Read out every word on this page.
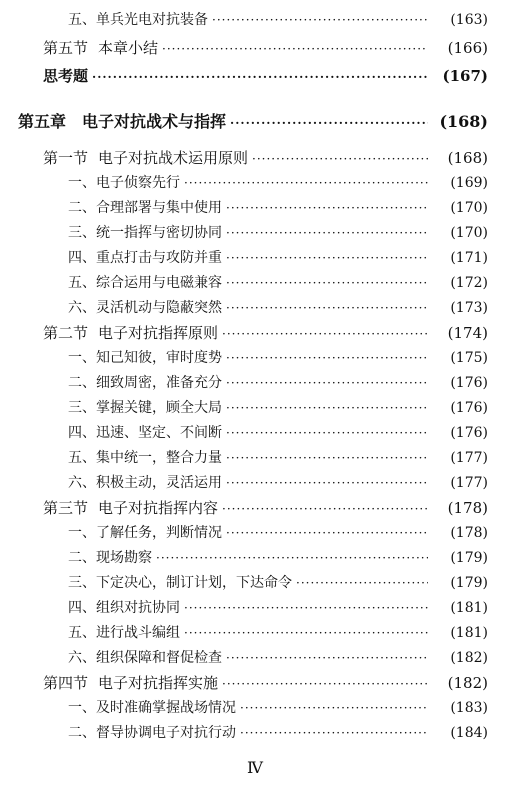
五、单兵光电对抗装备 ·····	(163)
第五节 本章小结 ·····	(166)
思考题 ·····	(167)
第五章 电子对抗战术与指挥 ·····	(168)
第一节 电子对抗战术运用原则 ·····	(168)
一、电子侦察先行 ·····	(169)
二、合理部署与集中使用 ·····	(170)
三、统一指挥与密切协同 ·····	(170)
四、重点打击与攻防并重 ·····	(171)
五、综合运用与电磁兼容 ·····	(172)
六、灵活机动与隐蔽突然 ·····	(173)
第二节 电子对抗指挥原则 ·····	(174)
一、知己知彼，审时度势 ·····	(175)
二、细致周密，准备充分 ·····	(176)
三、掌握关键，顾全大局 ·····	(176)
四、迅速、坚定、不间断 ·····	(176)
五、集中统一，整合力量 ·····	(177)
六、积极主动，灵活运用 ·····	(177)
第三节 电子对抗指挥内容 ·····	(178)
一、了解任务，判断情况 ·····	(178)
二、现场勘察 ·····	(179)
三、下定决心，制订计划，下达命令 ·····	(179)
四、组织对抗协同 ·····	(181)
五、进行战斗编组 ·····	(181)
六、组织保障和督促检查 ·····	(182)
第四节 电子对抗指挥实施 ·····	(182)
一、及时准确掌握战场情况 ·····	(183)
二、督导协调电子对抗行动 ·····	(184)
Ⅳ
